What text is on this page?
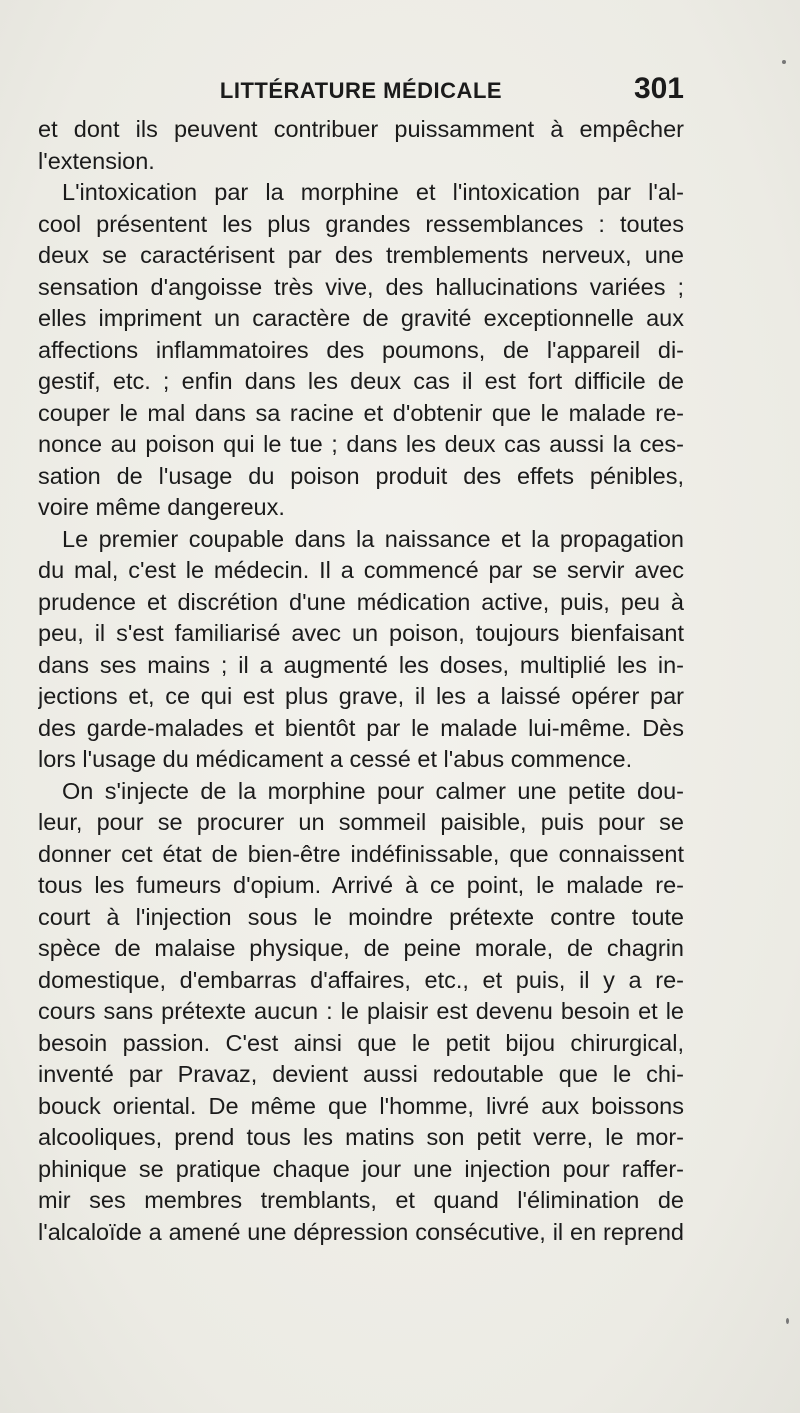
LITTÉRATURE MÉDICALE	301
et dont ils peuvent contribuer puissamment à empêcher
l'extension.
L'intoxication par la morphine et l'intoxication par l'al-
cool présentent les plus grandes ressemblances : toutes
deux se caractérisent par des tremblements nerveux, une
sensation d'angoisse très vive, des hallucinations variées ;
elles impriment un caractère de gravité exceptionnelle aux
affections inflammatoires des poumons, de l'appareil di-
gestif, etc. ; enfin dans les deux cas il est fort difficile de
couper le mal dans sa racine et d'obtenir que le malade re-
nonce au poison qui le tue ; dans les deux cas aussi la ces-
sation de l'usage du poison produit des effets pénibles,
voire même dangereux.
Le premier coupable dans la naissance et la propagation
du mal, c'est le médecin. Il a commencé par se servir avec
prudence et discrétion d'une médication active, puis, peu à
peu, il s'est familiarisé avec un poison, toujours bienfaisant
dans ses mains ; il a augmenté les doses, multiplié les in-
jections et, ce qui est plus grave, il les a laissé opérer par
des garde-malades et bientôt par le malade lui-même. Dès
lors l'usage du médicament a cessé et l'abus commence.
On s'injecte de la morphine pour calmer une petite dou-
leur, pour se procurer un sommeil paisible, puis pour se
donner cet état de bien-être indéfinissable, que connaissent
tous les fumeurs d'opium. Arrivé à ce point, le malade re-
court à l'injection sous le moindre prétexte contre toute
spèce de malaise physique, de peine morale, de chagrin
domestique, d'embarras d'affaires, etc., et puis, il y a re-
cours sans prétexte aucun : le plaisir est devenu besoin et le
besoin passion. C'est ainsi que le petit bijou chirurgical,
inventé par Pravaz, devient aussi redoutable que le chi-
bouck oriental. De même que l'homme, livré aux boissons
alcooliques, prend tous les matins son petit verre, le mor-
phinique se pratique chaque jour une injection pour raffer-
mir ses membres tremblants, et quand l'élimination de
l'alcaloïde a amené une dépression consécutive, il en reprend
